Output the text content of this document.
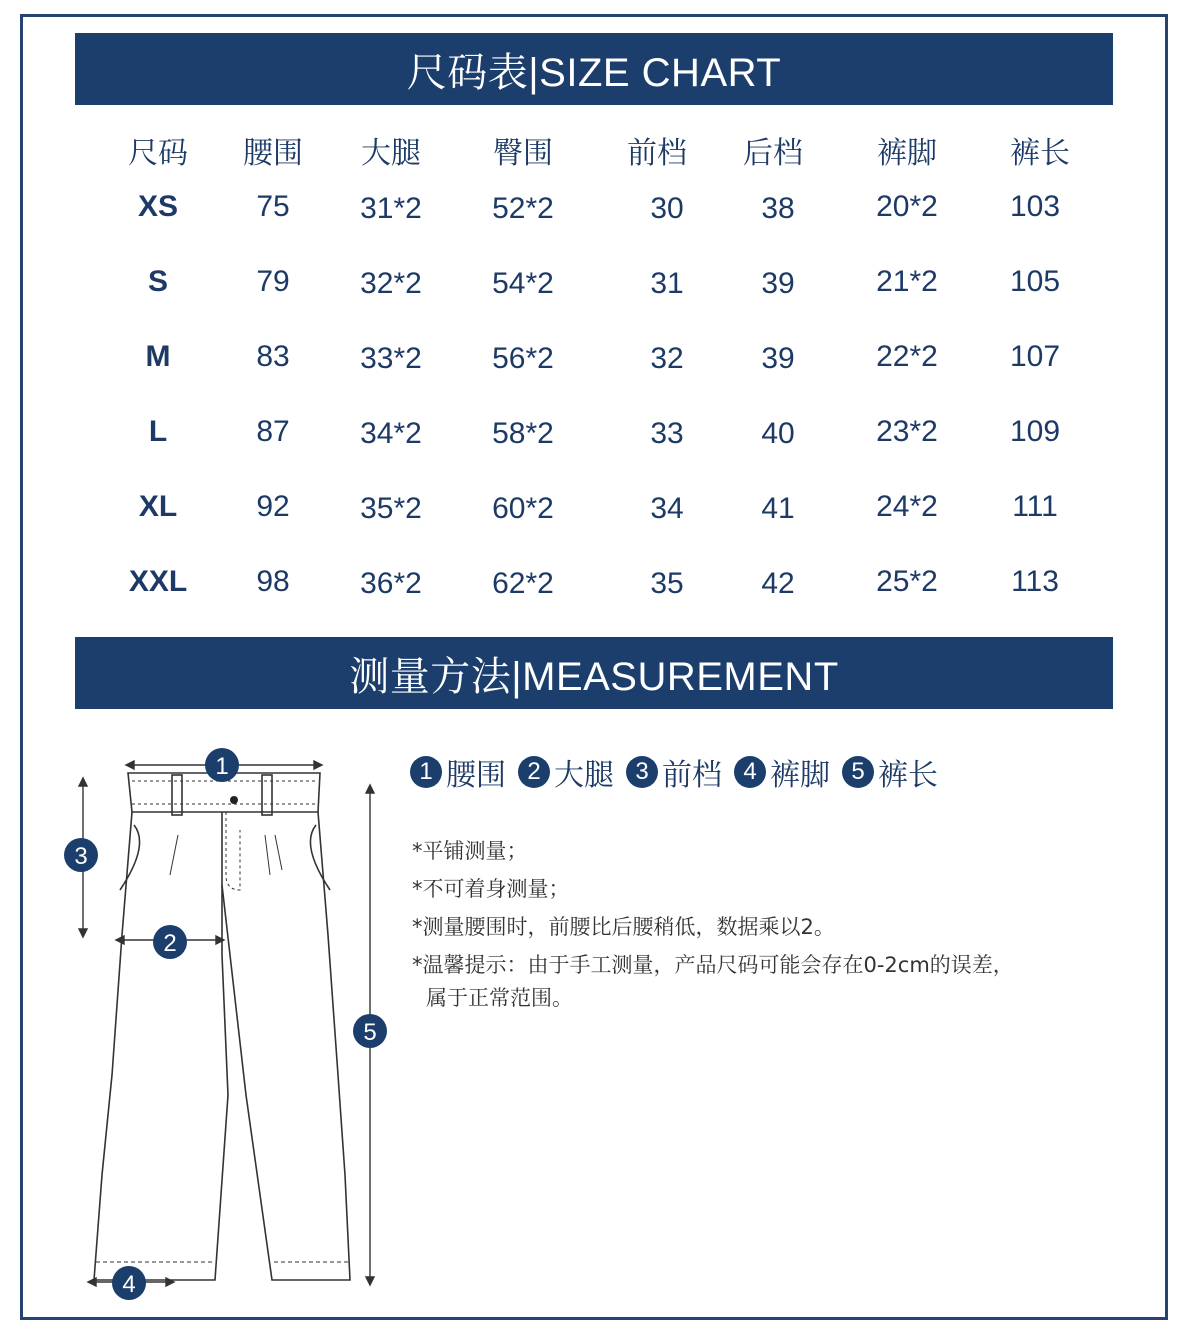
尺码表|SIZE CHART
尺码	腰围	大腿	臀围	前档	后档	裤脚	裤长
XS	75	31*2	52*2	30	38	20*2	103
S	79	32*2	54*2	31	39	21*2	105
M	83	33*2	56*2	32	39	22*2	107
L	87	34*2	58*2	33	40	23*2	109
XL	92	35*2	60*2	34	41	24*2	111
XXL	98	36*2	62*2	35	42	25*2	113
测量方法|MEASUREMENT
1
3
2
5
4
1 腰围 2 大腿 3 前档 4 裤脚 5 裤长
*平铺测量；
*不可着身测量；
*测量腰围时，前腰比后腰稍低，数据乘以2。
*温馨提示：由于手工测量，产品尺码可能会存在0-2cm的误差，
属于正常范围。
